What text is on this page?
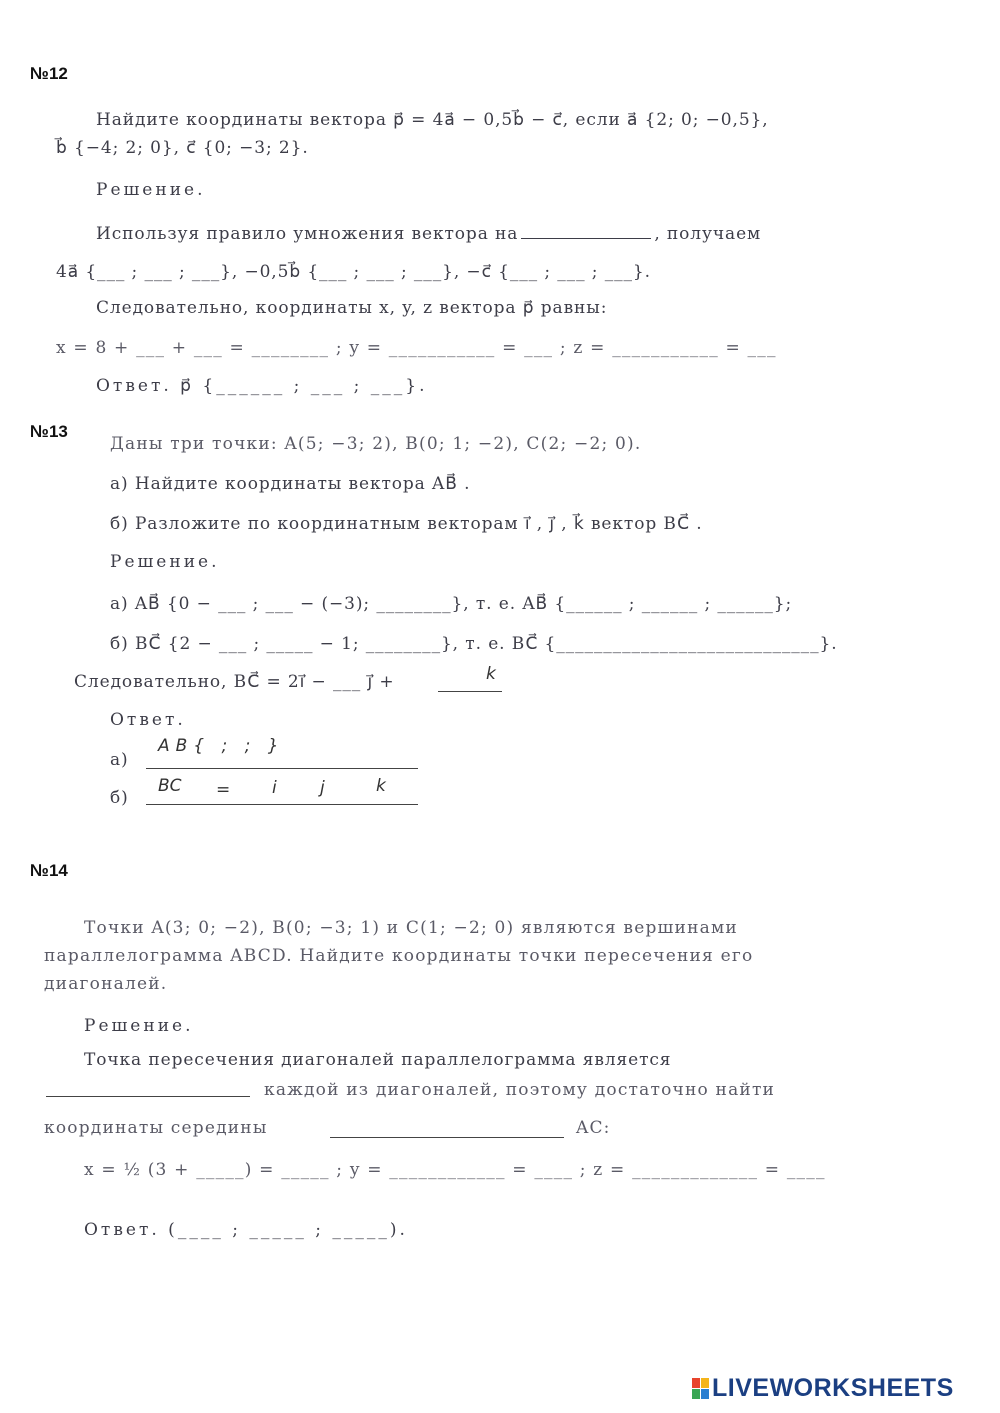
№12
Найдите координаты вектора p⃗ = 4a⃗ − 0,5b⃗ − c⃗, если a⃗ {2; 0; −0,5},
b⃗ {−4; 2; 0}, c⃗ {0; −3; 2}.
Решение.
Используя правило умножения вектора на	, получаем
4a⃗ {___ ; ___ ; ___}, −0,5b⃗ {___ ; ___ ; ___}, −c⃗ {___ ; ___ ; ___}.
Следовательно, координаты x, y, z вектора p⃗ равны:
x = 8 + ___ + ___ = ________ ; y = ___________ = ___ ; z = ___________ = ___
Ответ. p⃗ {______ ; ___ ; ___}.
№13
Даны три точки: A(5; −3; 2), B(0; 1; −2), C(2; −2; 0).
а) Найдите координаты вектора AB⃗ .
б) Разложите по координатным векторам i⃗ , j⃗ , k⃗ вектор BC⃗ .
Решение.
а) AB⃗ {0 − ___ ; ___ − (−3); ________}, т. е. AB⃗ {______ ; ______ ; ______};
б) BC⃗ {2 − ___ ; _____ − 1; ________}, т. е. BC⃗ {____________________________}.
Следовательно, BC⃗ = 2i⃗ − ___ j⃗ +	k
Ответ.
а)
AB{ ; ; }
б)
BC = i	j	k
№14
Точки A(3; 0; −2), B(0; −3; 1) и C(1; −2; 0) являются вершинами
параллелограмма ABCD. Найдите координаты точки пересечения его
диагоналей.
Решение.
Точка пересечения диагоналей параллелограмма является
каждой из диагоналей, поэтому достаточно найти
координаты середины	AC:
x = ½ (3 + _____) = _____ ; y = ____________ = ____ ; z = _____________ = ____
Ответ. (____ ; _____ ; _____).
LIVEWORKSHEETS
